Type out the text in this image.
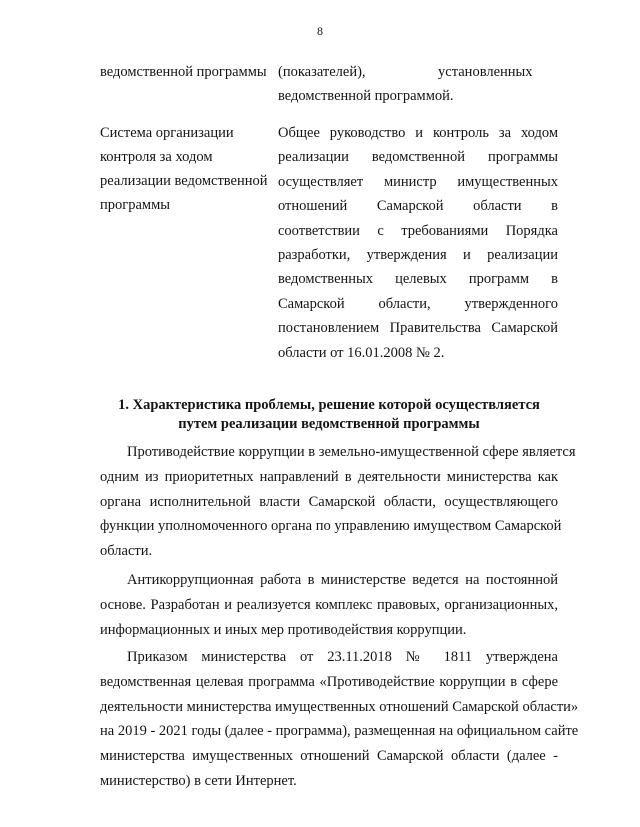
8
ведомственной программы (показателей),                    установленных
ведомственной программой.
Система организации
контроля за ходом
реализации ведомственной
программы
Общее руководство и контроль за ходом
реализации ведомственной программы
осуществляет министр имущественных
отношений Самарской области в
соответствии с требованиями Порядка
разработки, утверждения и реализации
ведомственных целевых программ в
Самарской области, утвержденного
постановлением Правительства Самарской
области от 16.01.2008 № 2.
1. Характеристика проблемы, решение которой осуществляется
путем реализации ведомственной программы
Противодействие коррупции в земельно-имущественной сфере является
одним из приоритетных направлений в деятельности министерства как
органа исполнительной власти Самарской области, осуществляющего
функции уполномоченного органа по управлению имуществом Самарской
области.
Антикоррупционная работа в министерстве ведется на постоянной
основе. Разработан и реализуется комплекс правовых, организационных,
информационных и иных мер противодействия коррупции.
Приказом министерства от 23.11.2018 № 1811 утверждена
ведомственная целевая программа «Противодействие коррупции в сфере
деятельности министерства имущественных отношений Самарской области»
на 2019 - 2021 годы (далее - программа), размещенная на официальном сайте
министерства имущественных отношений Самарской области (далее -
министерство) в сети Интернет.
